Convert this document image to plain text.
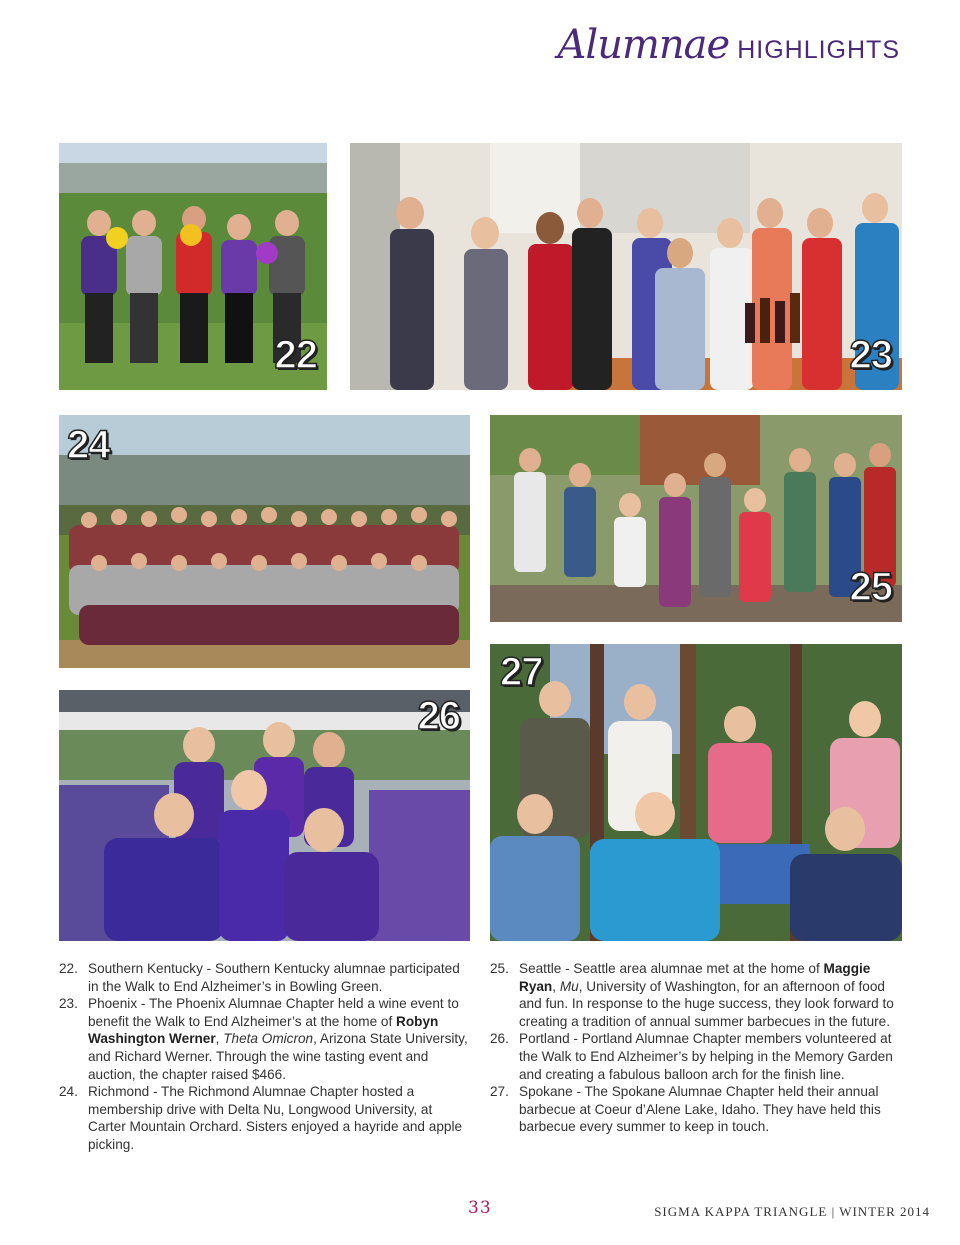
Alumnae HIGHLIGHTS
22	23
24
25
26
27
22. Southern Kentucky - Southern Kentucky alumnae participated in the Walk to End Alzheimer’s in Bowling Green.
23. Phoenix - The Phoenix Alumnae Chapter held a wine event to benefit the Walk to End Alzheimer’s at the home of Robyn Washington Werner, Theta Omicron, Arizona State University, and Richard Werner. Through the wine tasting event and auction, the chapter raised $466.
24. Richmond - The Richmond Alumnae Chapter hosted a membership drive with Delta Nu, Longwood University, at Carter Mountain Orchard. Sisters enjoyed a hayride and apple picking.
25. Seattle - Seattle area alumnae met at the home of Maggie Ryan, Mu, University of Washington, for an afternoon of food and fun. In response to the huge success, they look forward to creating a tradition of annual summer barbecues in the future.
26. Portland - Portland Alumnae Chapter members volunteered at the Walk to End Alzheimer’s by helping in the Memory Garden and creating a fabulous balloon arch for the finish line.
27. Spokane - The Spokane Alumnae Chapter held their annual barbecue at Coeur d’Alene Lake, Idaho. They have held this barbecue every summer to keep in touch.
33	SIGMA KAPPA TRIANGLE | WINTER 2014
